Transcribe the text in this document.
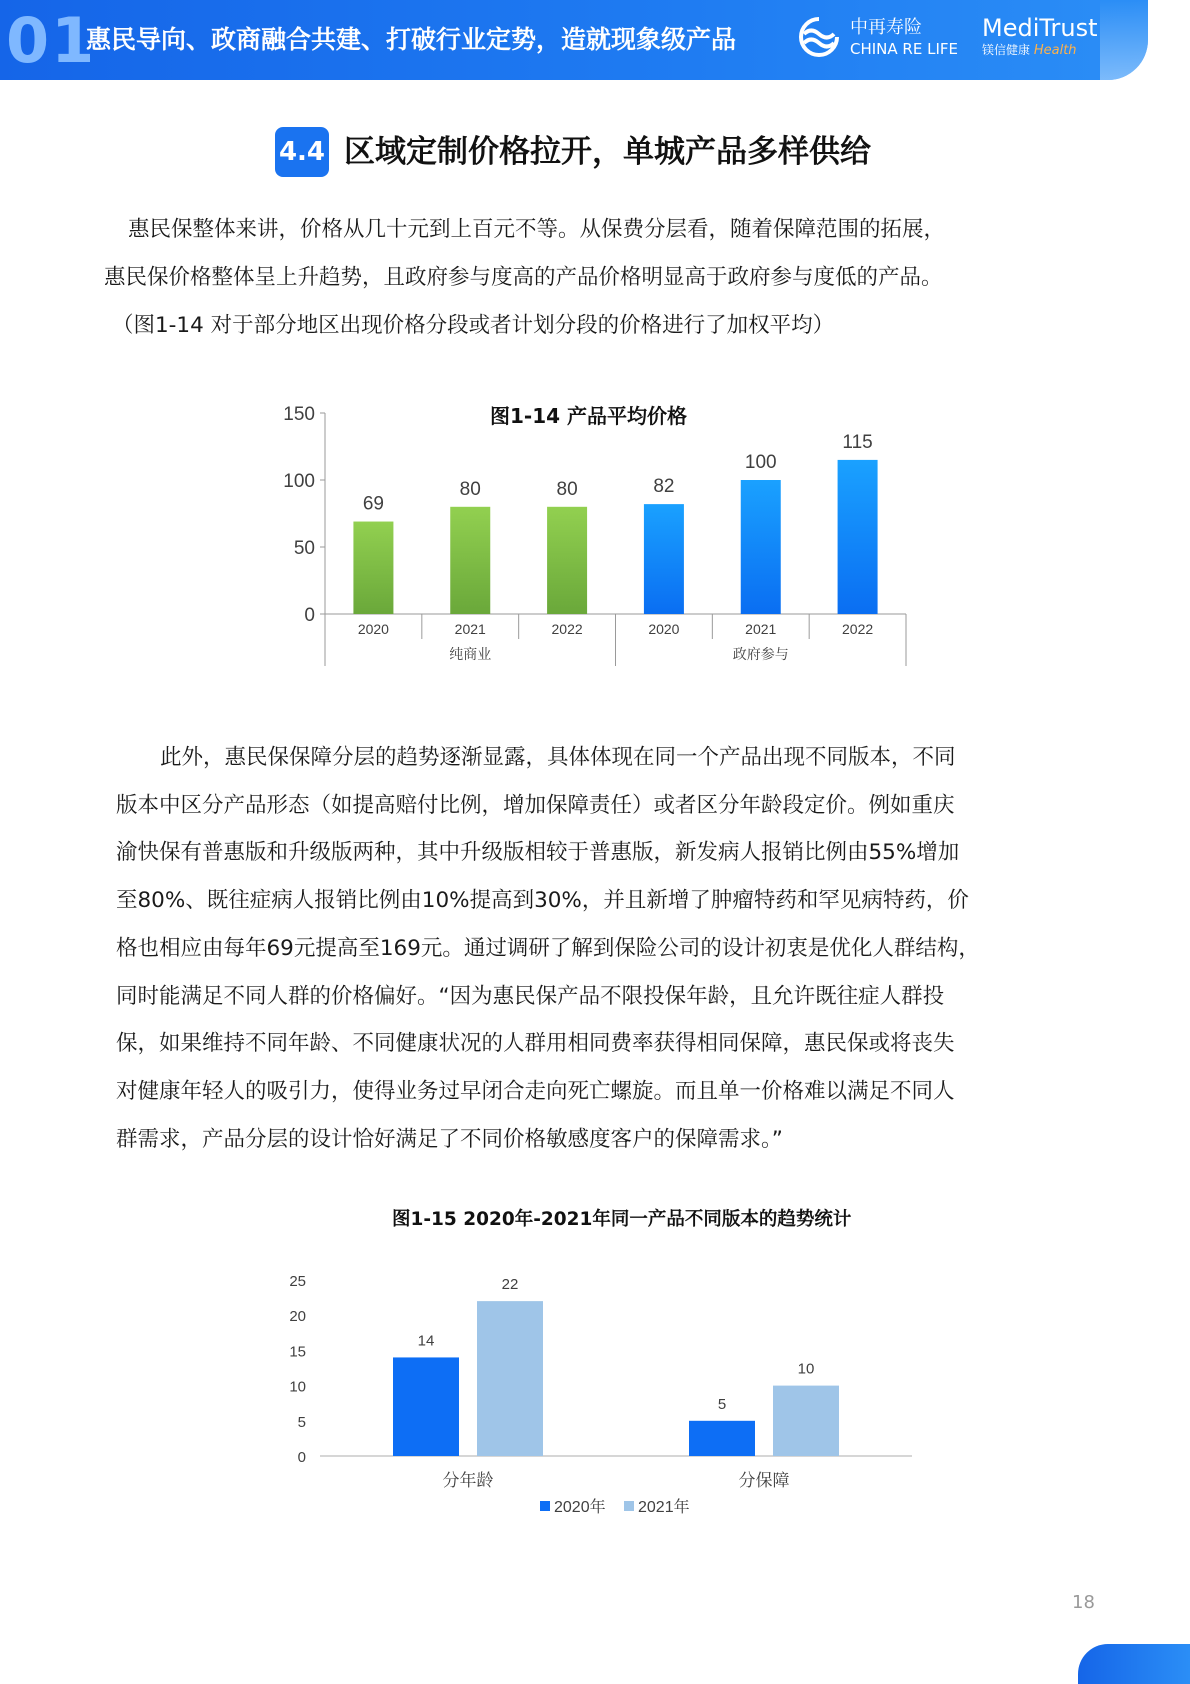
01
惠民导向、政商融合共建、打破行业定势，造就现象级产品	中再寿险
CHINA RE LIFE
MediTrust
镁信健康 Health
4.4 区域定制价格拉开，单城产品多样供给
惠民保整体来讲，价格从几十元到上百元不等。从保费分层看，随着保障范围的拓展，
惠民保价格整体呈上升趋势，且政府参与度高的产品价格明显高于政府参与度低的产品。
（图1-14 对于部分地区出现价格分段或者计划分段的价格进行了加权平均）
图1-14 产品平均价格
0
50
100
150
2020	2021	2022	2020	2021	2022
纯商业	政府参与
69
80	80	82
100
115
此外，惠民保保障分层的趋势逐渐显露，具体体现在同一个产品出现不同版本，不同
版本中区分产品形态（如提高赔付比例，增加保障责任）或者区分年龄段定价。例如重庆
渝快保有普惠版和升级版两种，其中升级版相较于普惠版，新发病人报销比例由55%增加
至80%、既往症病人报销比例由10%提高到30%，并且新增了肿瘤特药和罕见病特药，价
格也相应由每年69元提高至169元。通过调研了解到保险公司的设计初衷是优化人群结构，
同时能满足不同人群的价格偏好。“因为惠民保产品不限投保年龄，且允许既往症人群投
保，如果维持不同年龄、不同健康状况的人群用相同费率获得相同保障，惠民保或将丧失
对健康年轻人的吸引力，使得业务过早闭合走向死亡螺旋。而且单一价格难以满足不同人
群需求，产品分层的设计恰好满足了不同价格敏感度客户的保障需求。”
图1-15 2020年-2021年同一产品不同版本的趋势统计
0
5
10
15
20
25
分年龄	分保障
2020年 2021年
14
22
5
10
18
